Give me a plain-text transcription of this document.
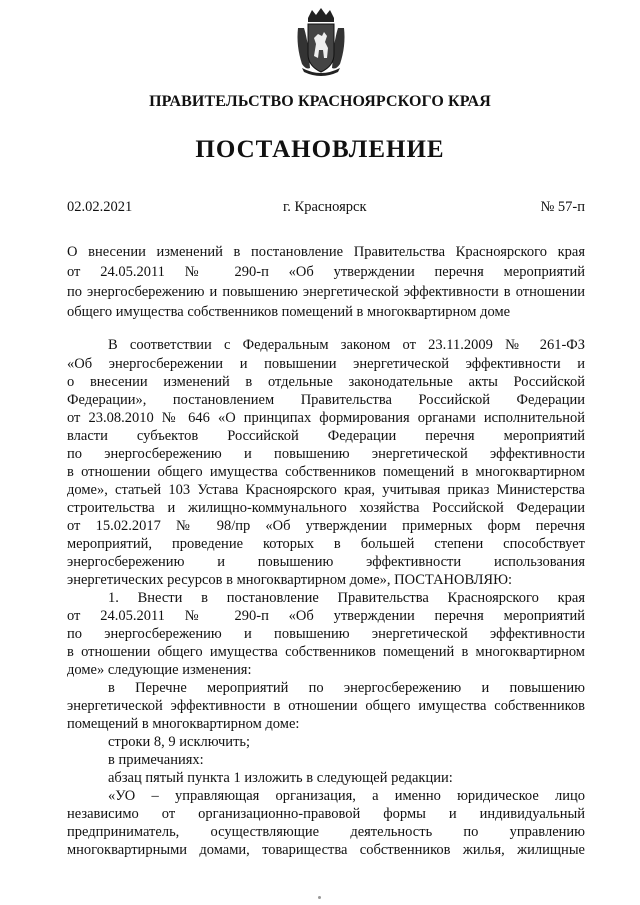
ПРАВИТЕЛЬСТВО КРАСНОЯРСКОГО КРАЯ
ПОСТАНОВЛЕНИЕ
02.02.2021	г. Красноярск	№ 57-п
О внесении изменений в постановление Правительства Красноярского края
от 24.05.2011 № 290-п «Об утверждении перечня мероприятий
по энергосбережению и повышению энергетической эффективности в отношении
общего имущества собственников помещений в многоквартирном доме
В соответствии с Федеральным законом от 23.11.2009 № 261-ФЗ
«Об энергосбережении и повышении энергетической эффективности и
о внесении изменений в отдельные законодательные акты Российской
Федерации», постановлением Правительства Российской Федерации
от 23.08.2010 № 646 «О принципах формирования органами исполнительной
власти субъектов Российской Федерации перечня мероприятий
по энергосбережению и повышению энергетической эффективности
в отношении общего имущества собственников помещений в многоквартирном
доме», статьей 103 Устава Красноярского края, учитывая приказ Министерства
строительства и жилищно-коммунального хозяйства Российской Федерации
от 15.02.2017 № 98/пр «Об утверждении примерных форм перечня
мероприятий, проведение которых в большей степени способствует
энергосбережению и повышению эффективности использования
энергетических ресурсов в многоквартирном доме», ПОСТАНОВЛЯЮ:
1. Внести в постановление Правительства Красноярского края
от 24.05.2011 № 290-п «Об утверждении перечня мероприятий
по энергосбережению и повышению энергетической эффективности
в отношении общего имущества собственников помещений в многоквартирном
доме» следующие изменения:
в Перечне мероприятий по энергосбережению и повышению
энергетической эффективности в отношении общего имущества собственников
помещений в многоквартирном доме:
строки 8, 9 исключить;
в примечаниях:
абзац пятый пункта 1 изложить в следующей редакции:
«УО – управляющая организация, а именно юридическое лицо
независимо от организационно-правовой формы и индивидуальный
предприниматель, осуществляющие деятельность по управлению
многоквартирными домами, товарищества собственников жилья, жилищные
